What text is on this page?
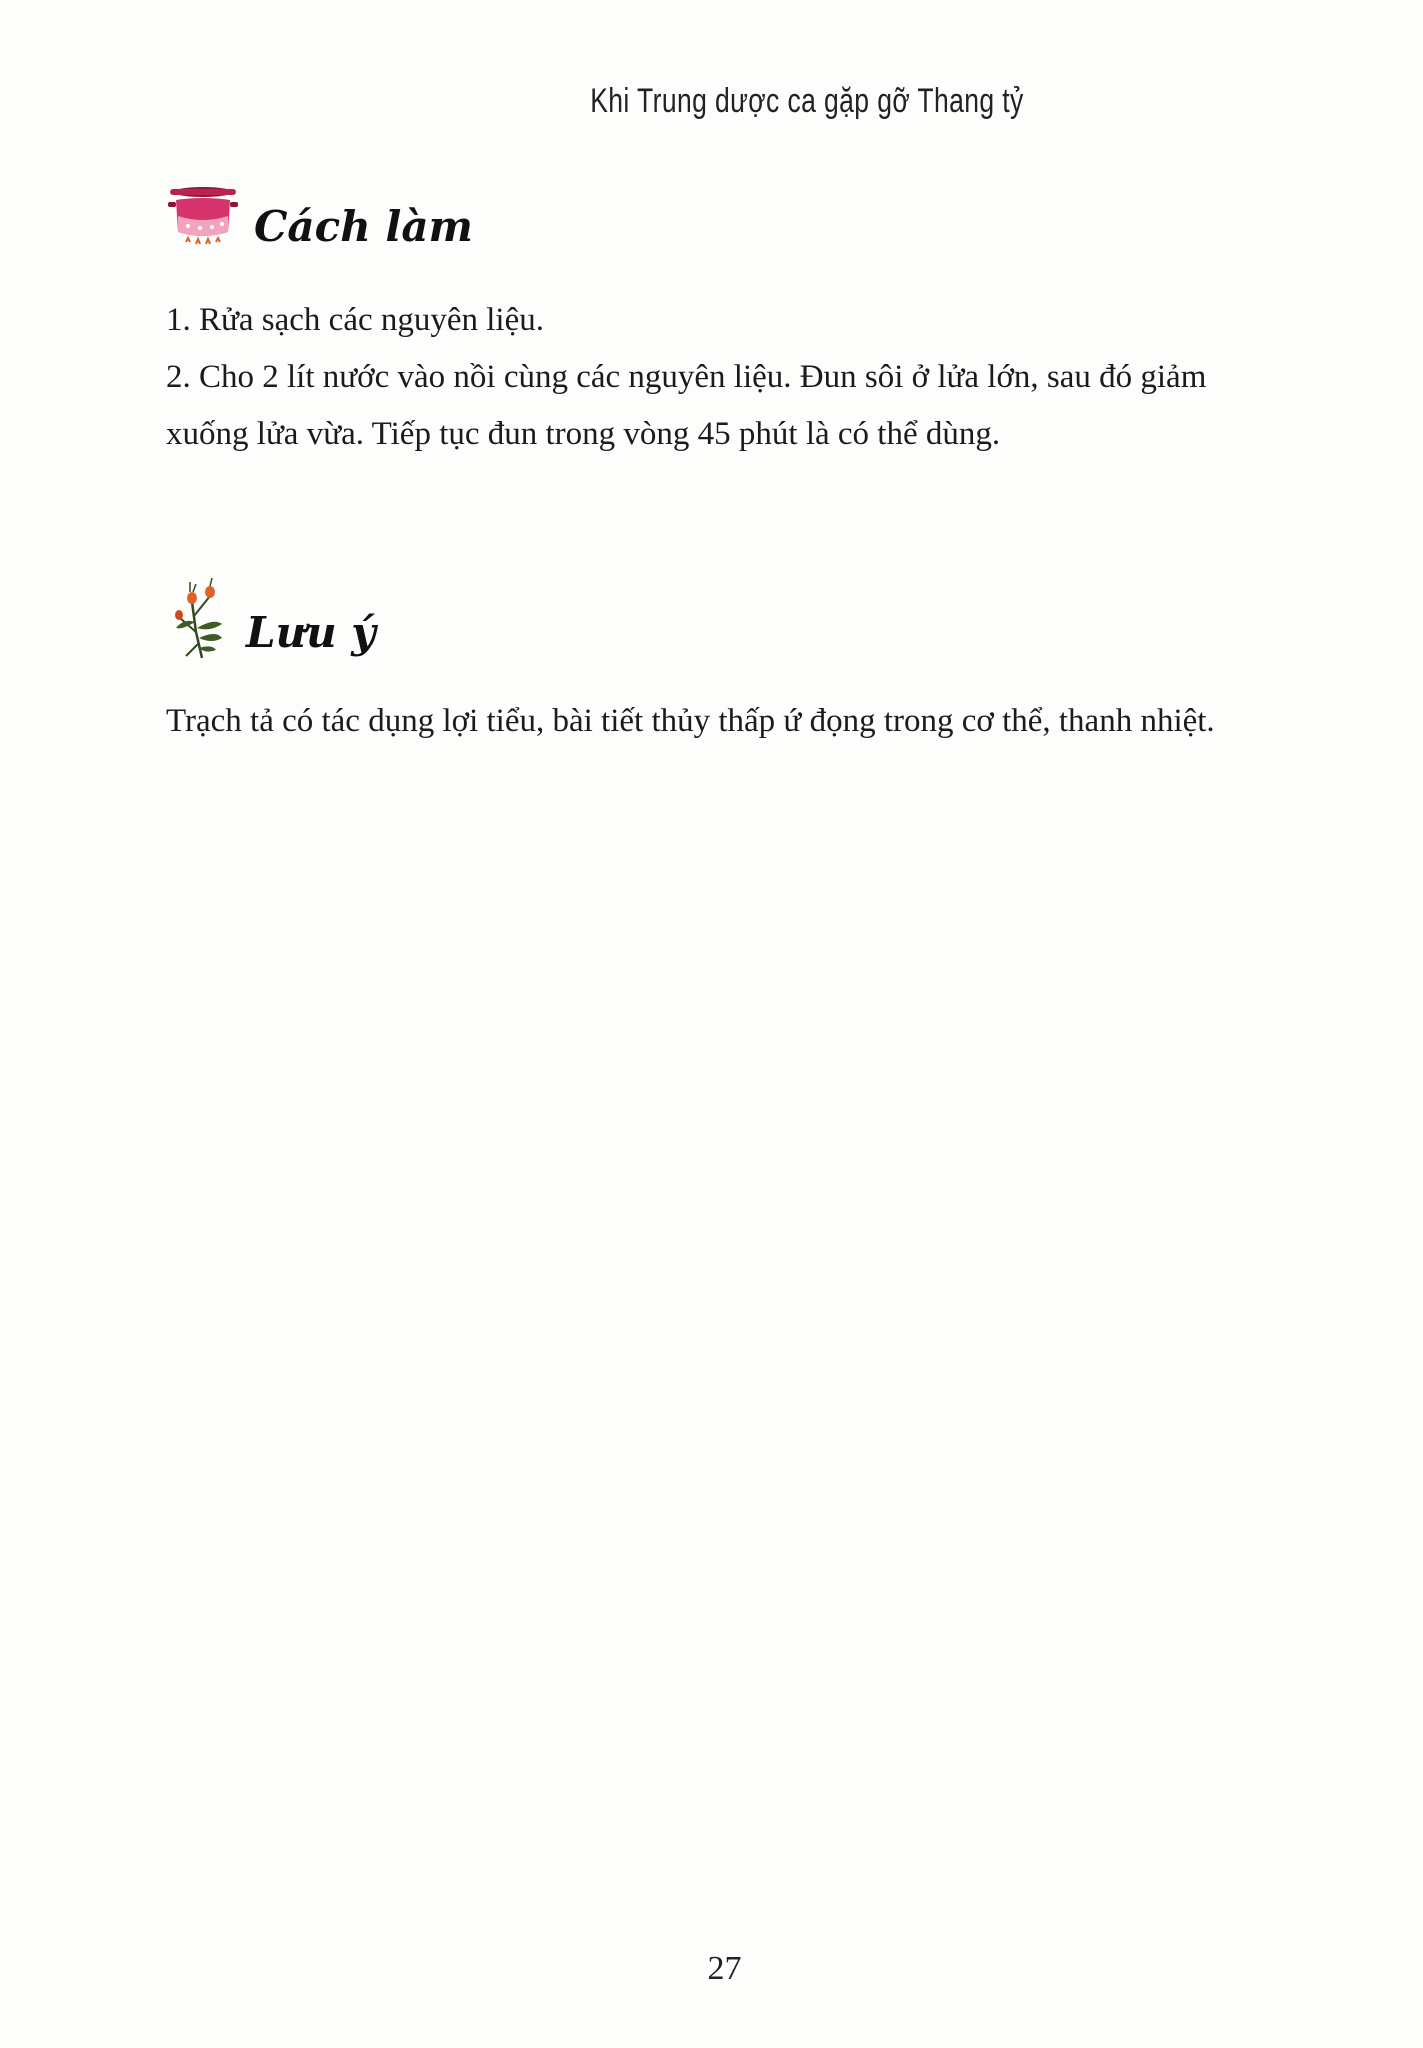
Khi Trung dược ca gặp gỡ Thang tỷ
Cách làm

1. Rửa sạch các nguyên liệu.

2. Cho 2 lít nước vào nồi cùng các nguyên liệu. Đun sôi ở lửa lớn, sau đó giảm xuống lửa vừa. Tiếp tục đun trong vòng 45 phút là có thể dùng.

Lưu ý

Trạch tả có tác dụng lợi tiểu, bài tiết thủy thấp ứ đọng trong cơ thể, thanh nhiệt.

27
